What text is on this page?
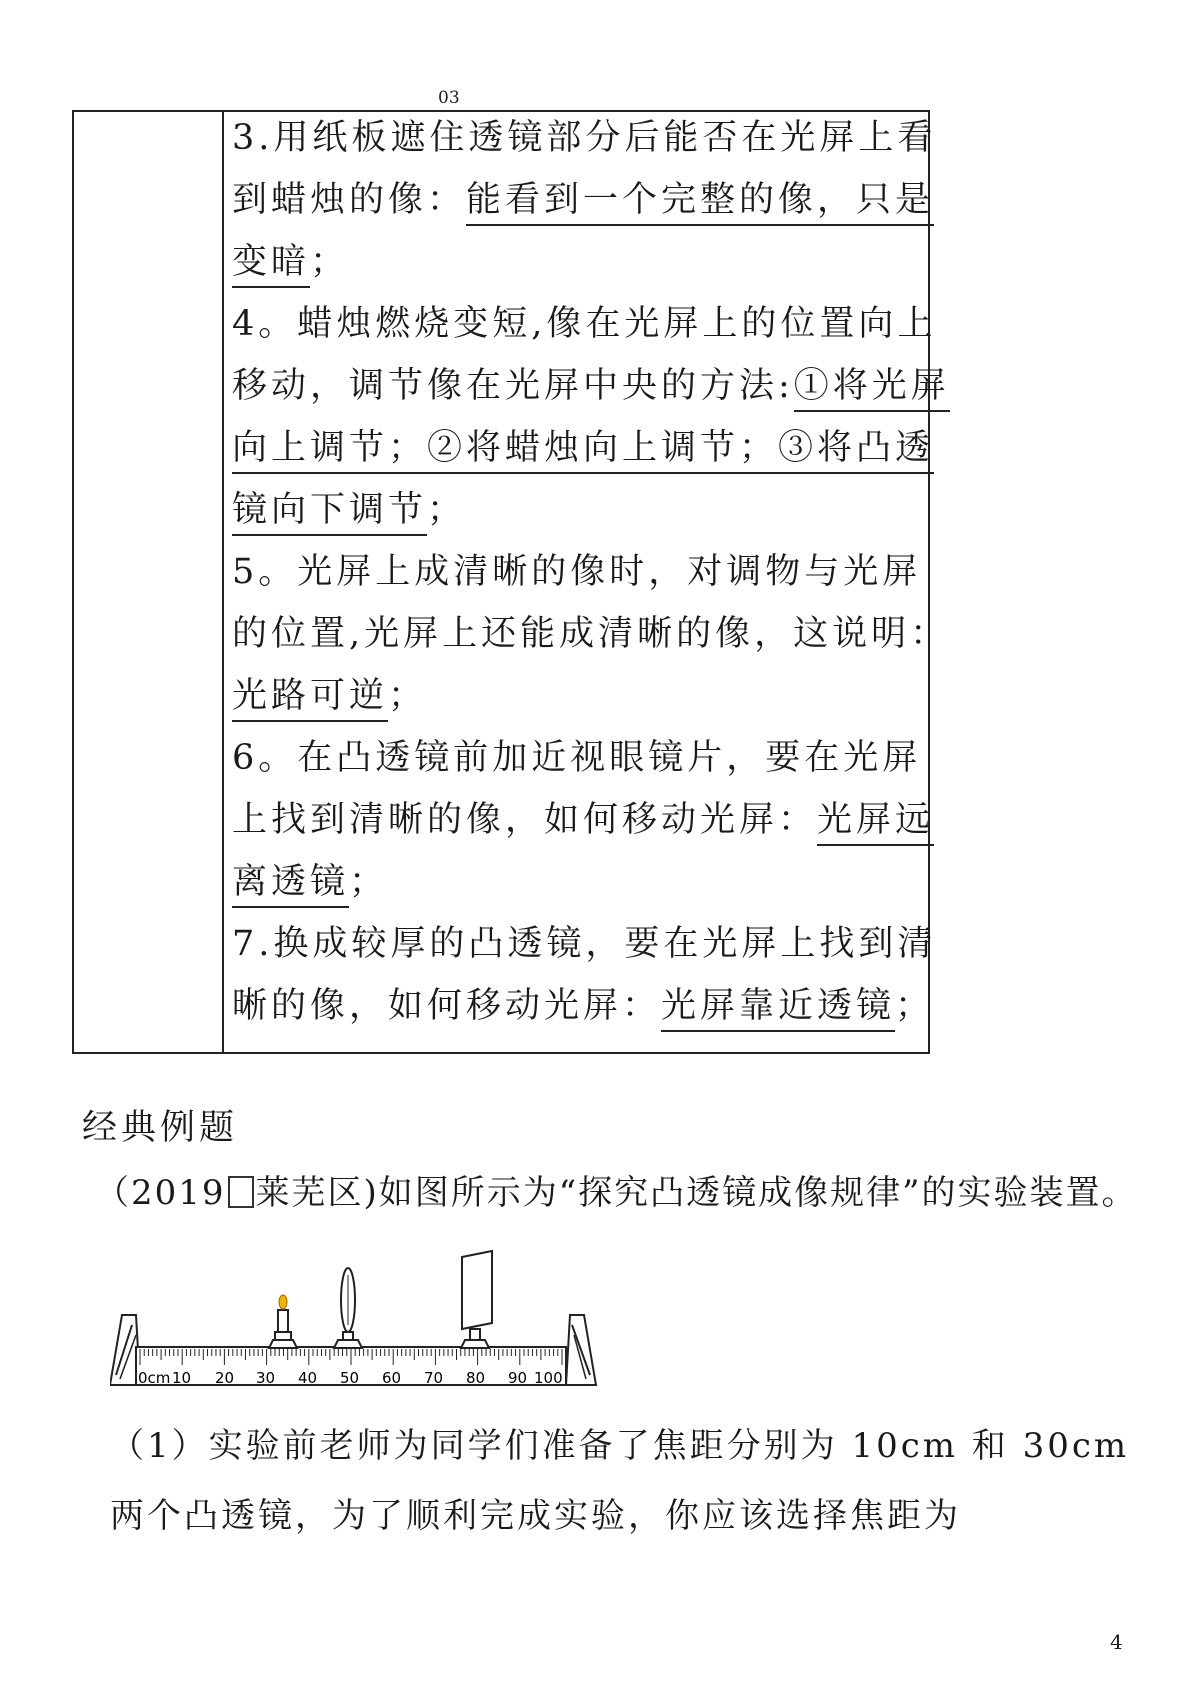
03
3.用纸板遮住透镜部分后能否在光屏上看
到蜡烛的像：能看到一个完整的像，只是
变暗；
4。蜡烛燃烧变短,像在光屏上的位置向上
移动，调节像在光屏中央的方法:①将光屏
向上调节；②将蜡烛向上调节；③将凸透
镜向下调节；
5。光屏上成清晰的像时，对调物与光屏
的位置,光屏上还能成清晰的像，这说明：
光路可逆；
6。在凸透镜前加近视眼镜片，要在光屏
上找到清晰的像，如何移动光屏：光屏远
离透镜；
7.换成较厚的凸透镜，要在光屏上找到清
晰的像，如何移动光屏：光屏靠近透镜；
经典例题
（2019 莱芜区)如图所示为“探究凸透镜成像规律”的实验装置。
0cm 10 20 30 40 50 60 70 80 90 100
（1）实验前老师为同学们准备了焦距分别为 10cm 和 30cm
两个凸透镜，为了顺利完成实验，你应该选择焦距为
4
